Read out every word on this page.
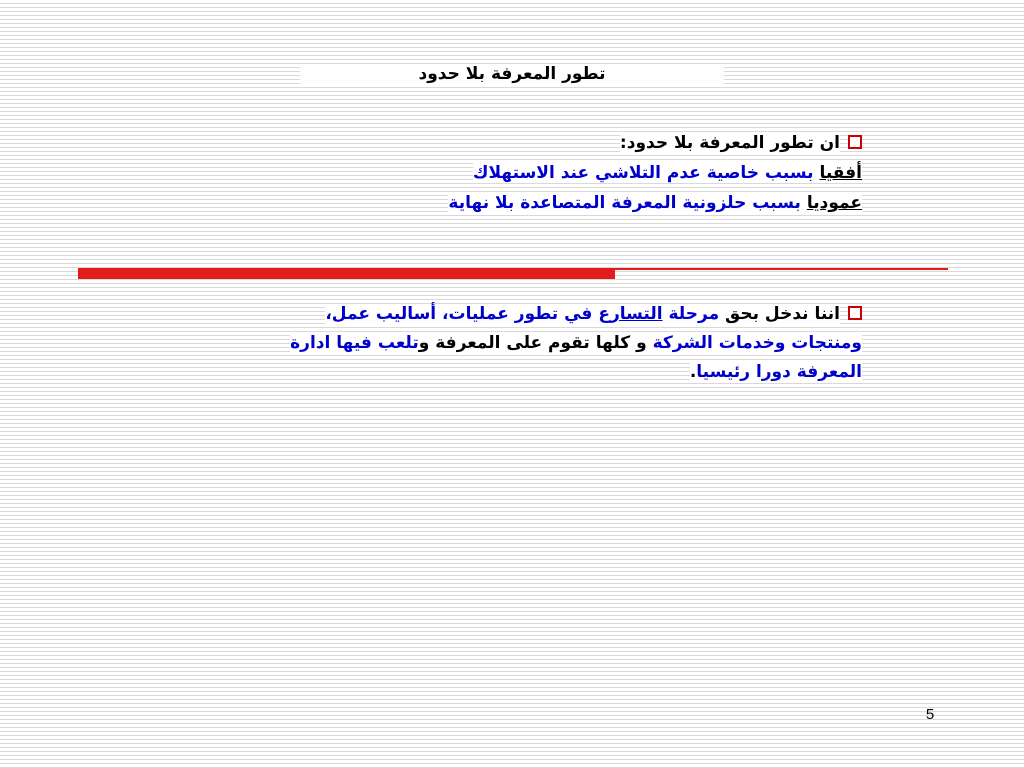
تطور المعرفة بلا حدود
ان تطور المعرفة بلا حدود:
أفقيا بسبب خاصية عدم التلاشي عند الاستهلاك
عموديا بسبب حلزونية المعرفة المتصاعدة بلا نهاية
اننا ندخل بحق مرحلة التسارع في تطور عمليات، أساليب عمل،
ومنتجات وخدمات الشركة و كلها تقوم على المعرفة وتلعب فيها ادارة
المعرفة دورا رئيسيا.
5
